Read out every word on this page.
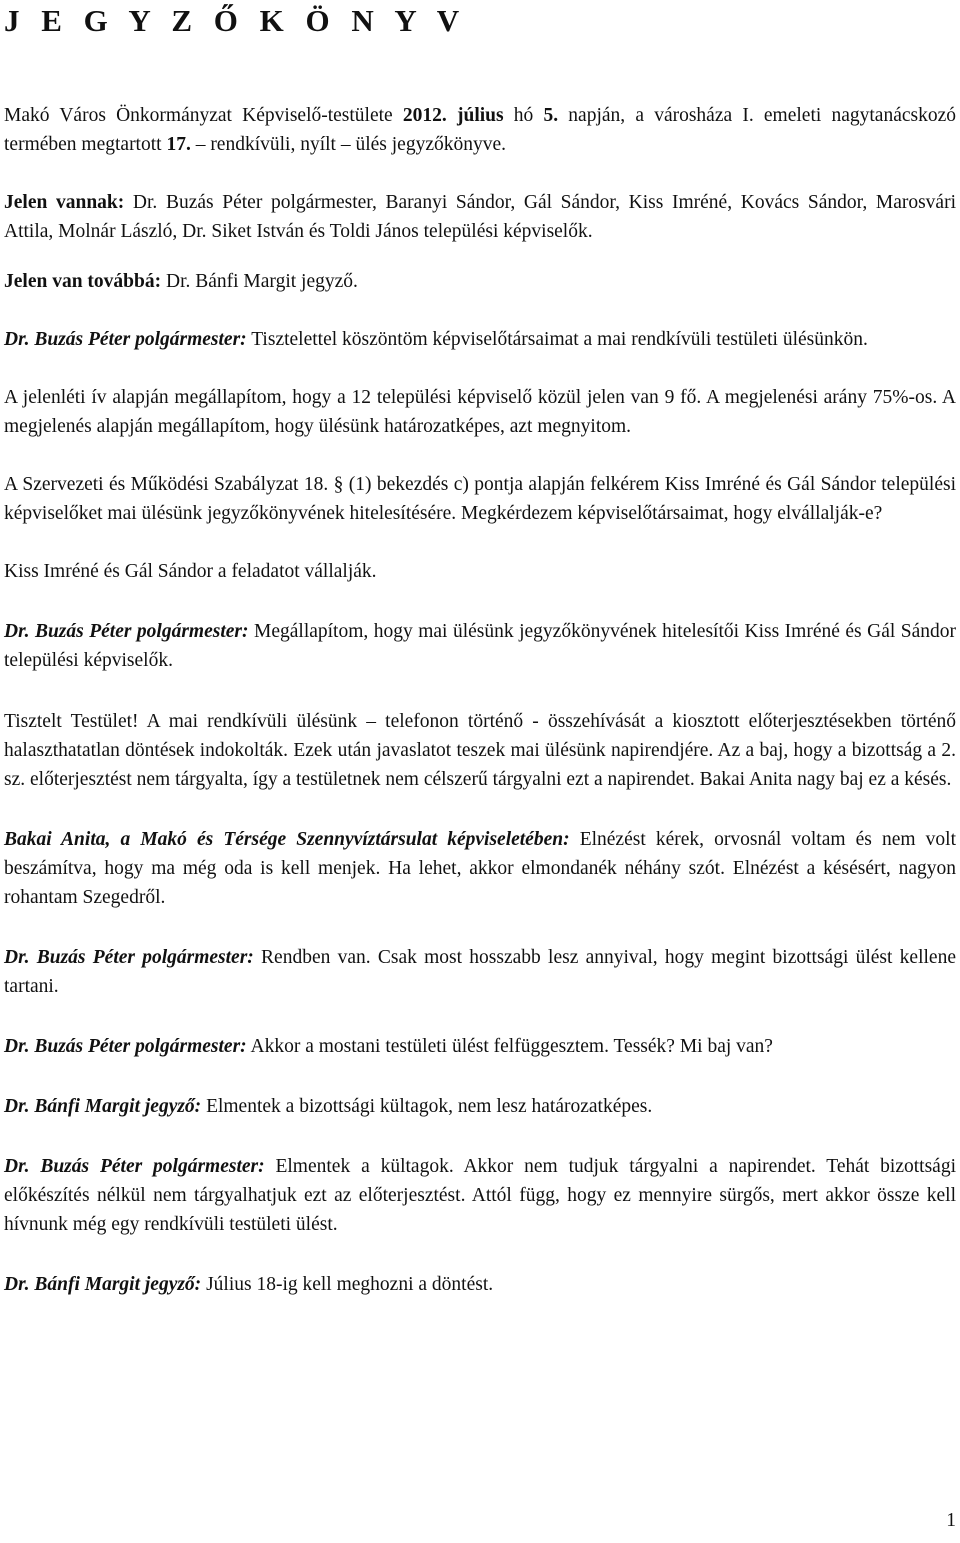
J E G Y Z Ő K Ö N Y V

Makó Város Önkormányzat Képviselő-testülete 2012. július hó 5. napján, a városháza I. emeleti nagytanácskozó termében megtartott 17. – rendkívüli, nyílt – ülés jegyzőkönyve.

Jelen vannak: Dr. Buzás Péter polgármester, Baranyi Sándor, Gál Sándor, Kiss Imréné, Kovács Sándor, Marosvári Attila, Molnár László, Dr. Siket István és Toldi János települési képviselők.

Jelen van továbbá: Dr. Bánfi Margit jegyző.

Dr. Buzás Péter polgármester: Tisztelettel köszöntöm képviselőtársaimat a mai rendkívüli testületi ülésünkön.

A jelenléti ív alapján megállapítom, hogy a 12 települési képviselő közül jelen van 9 fő. A megjelenési arány 75%-os. A megjelenés alapján megállapítom, hogy ülésünk határozatképes, azt megnyitom.

A Szervezeti és Működési Szabályzat 18. § (1) bekezdés c) pontja alapján felkérem Kiss Imréné és Gál Sándor települési képviselőket mai ülésünk jegyzőkönyvének hitelesítésére. Megkérdezem képviselőtársaimat, hogy elvállalják-e?

Kiss Imréné és Gál Sándor a feladatot vállalják.

Dr. Buzás Péter polgármester: Megállapítom, hogy mai ülésünk jegyzőkönyvének hitelesítői Kiss Imréné és Gál Sándor települési képviselők.

Tisztelt Testület! A mai rendkívüli ülésünk – telefonon történő - összehívását a kiosztott előterjesztésekben történő halaszthatatlan döntések indokolták. Ezek után javaslatot teszek mai ülésünk napirendjére. Az a baj, hogy a bizottság a 2. sz. előterjesztést nem tárgyalta, így a testületnek nem célszerű tárgyalni ezt a napirendet. Bakai Anita nagy baj ez a késés.

Bakai Anita, a Makó és Térsége Szennyvíztársulat képviseletében: Elnézést kérek, orvosnál voltam és nem volt beszámítva, hogy ma még oda is kell menjek. Ha lehet, akkor elmondanék néhány szót. Elnézést a késésért, nagyon rohantam Szegedről.

Dr. Buzás Péter polgármester: Rendben van. Csak most hosszabb lesz annyival, hogy megint bizottsági ülést kellene tartani.

Dr. Buzás Péter polgármester: Akkor a mostani testületi ülést felfüggesztem. Tessék? Mi baj van?

Dr. Bánfi Margit jegyző: Elmentek a bizottsági kültagok, nem lesz határozatképes.

Dr. Buzás Péter polgármester: Elmentek a kültagok. Akkor nem tudjuk tárgyalni a napirendet. Tehát bizottsági előkészítés nélkül nem tárgyalhatjuk ezt az előterjesztést. Attól függ, hogy ez mennyire sürgős, mert akkor össze kell hívnunk még egy rendkívüli testületi ülést.

Dr. Bánfi Margit jegyző: Július 18-ig kell meghozni a döntést.

1
